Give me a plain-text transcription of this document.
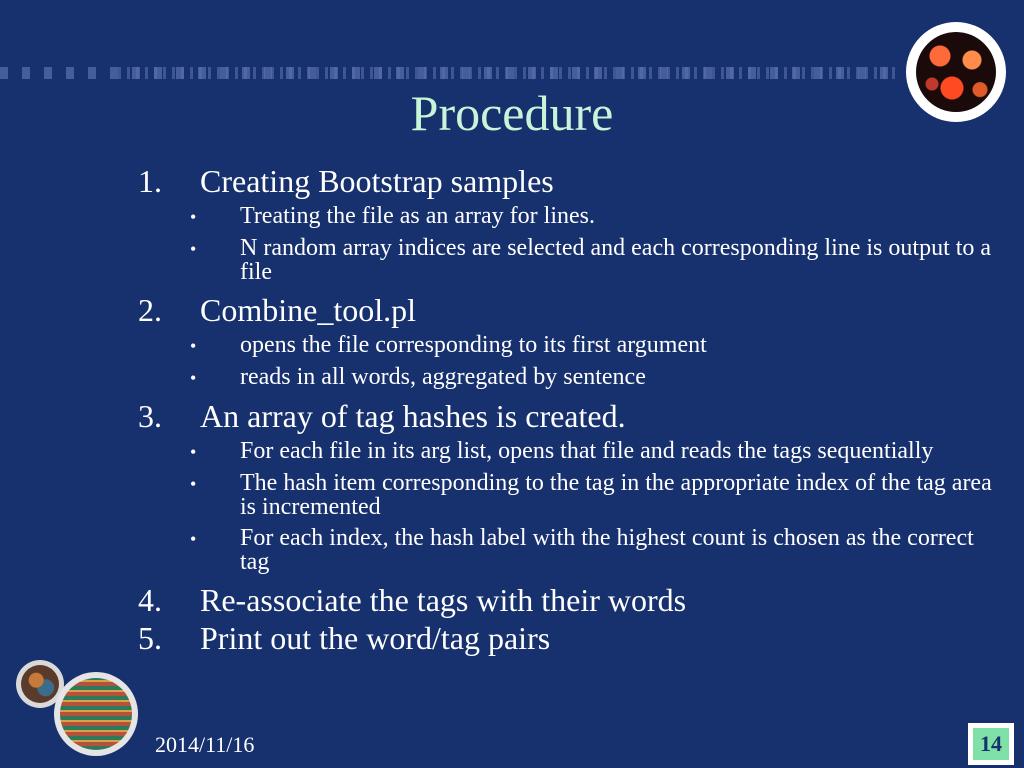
Procedure
1.	Creating Bootstrap samples
•	Treating the file as an array for lines.
•	N random array indices are selected and each corresponding line is output to a file
2.	Combine_tool.pl
•	opens the file corresponding to its first argument
•	reads in all words, aggregated by sentence
3.	An array of tag hashes is created.
•	For each file in its arg list, opens that file and reads the tags sequentially
•	The hash item corresponding to the tag in the appropriate index of the tag area is incremented
•	For each index, the hash label with the highest count is chosen as the correct tag
4.	Re-associate the tags with their words
5.	Print out the word/tag pairs
2014/11/16	14
